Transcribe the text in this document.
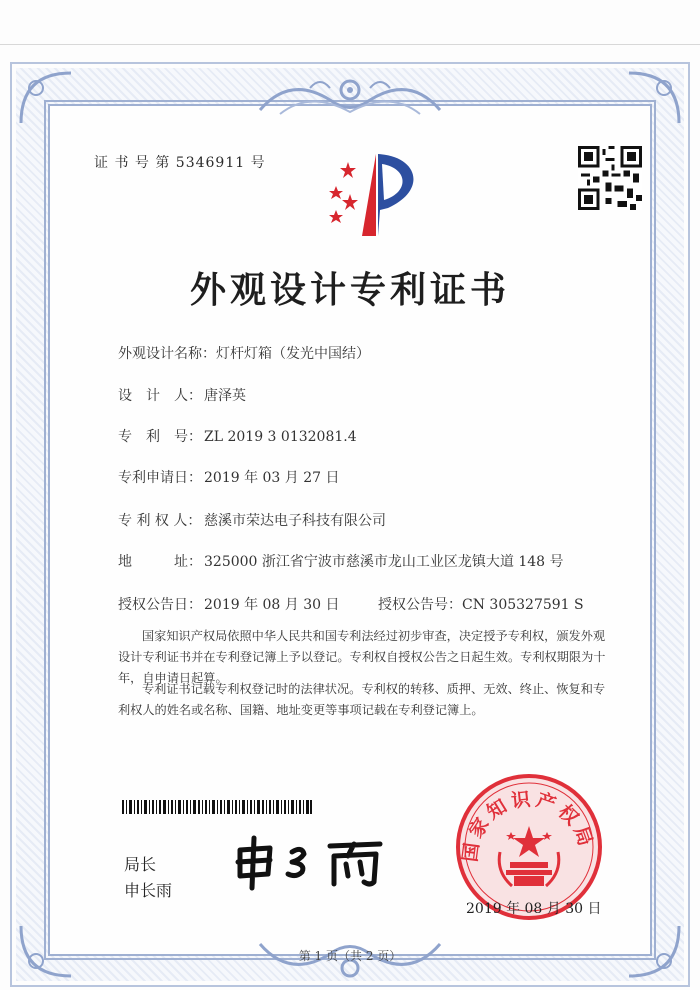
证 书 号 第 5346911 号
外观设计专利证书
外观设计名称：灯杆灯箱（发光中国结）
设　计　人： 唐泽英
专　利　号： ZL 2019 3 0132081.4
专利申请日： 2019 年 03 月 27 日
专 利 权 人： 慈溪市荣达电子科技有限公司
地　　　址： 325000 浙江省宁波市慈溪市龙山工业区龙镇大道 148 号
授权公告日： 2019 年 08 月 30 日	授权公告号：CN 305327591 S
国家知识产权局依照中华人民共和国专利法经过初步审查，决定授予专利权，颁发外观
设计专利证书并在专利登记簿上予以登记。专利权自授权公告之日起生效。专利权期限为十
年，自申请日起算。
专利证书记载专利权登记时的法律状况。专利权的转移、质押、无效、终止、恢复和专
利权人的姓名或名称、国籍、地址变更等事项记载在专利登记簿上。
局长
申长雨
国家知识产权局
2019 年 08 月 30 日
第 1 页（共 2 页）
